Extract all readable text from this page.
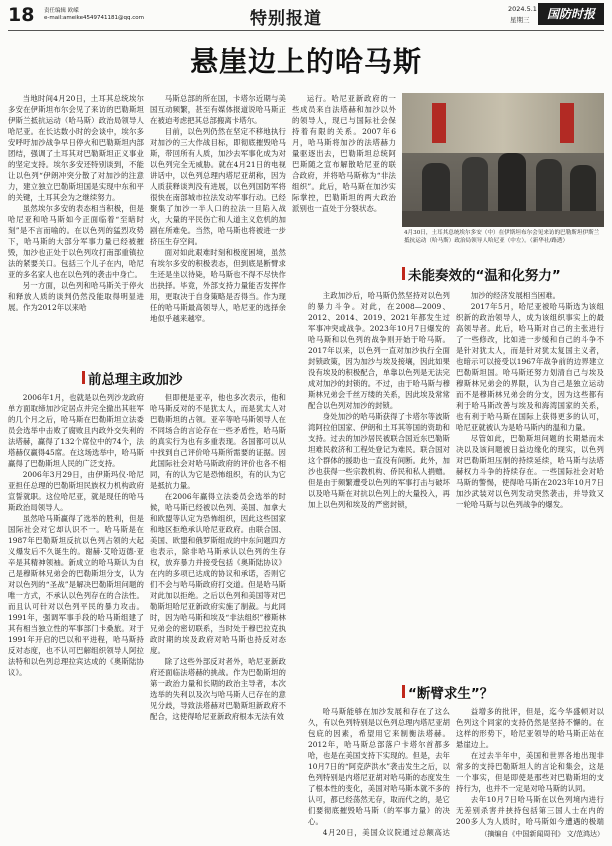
18 责任编辑 欧嵘
e-mail:ameike4549741181@qq.com	特别报道	2024.5.1
星期三	国防时报
悬崖边上的哈马斯

当地时间4月20日，土耳其总统埃尔多安在伊斯坦布尔会见了来访的巴勒斯坦伊斯兰抵抗运动（哈马斯）政治局领导人哈尼亚。在长达数小时的会谈中，埃尔多安呼吁加沙战争早日停火和巴勒斯坦内部团结，强调了土耳其对巴勒斯坦正义事业的坚定支持。埃尔多安还特别谈到，不能让以色列“伊朗冲突分散了对加沙的注意力，建立独立巴勒斯坦国是实现中东和平的关键，土耳其会为之继续努力。

虽然埃尔多安的表态相当积极，但是哈尼亚和哈马斯如今正面临着“至暗时刻”是不言而喻的。在以色列的猛烈攻势下，哈马斯的大部分军事力量已经被摧毁，加沙也正处于以色列攻打南部重镇拉法的紧要关口。包括三个儿子在内，哈尼亚的多名家人也在以色列的袭击中身亡。

另一方面，以色列和哈马斯关于停火和释放人质的谈判仍然没能取得明显进展。作为2012年以来哈

马斯总部的所在国，卡塔尔近期与美国互动频繁，甚至有媒体报道说哈马斯正在被迫考虑把其总部搬离卡塔尔。

目前，以色列仍然在坚定不移地执行对加沙的三大作战目标，即彻底摧毁哈马斯，带回所有人质，加沙去军事化成为对以色列完全无威胁。就在4月21日的电视讲话中，以色列总理内塔尼亚胡称，因为人质获释谈判没有进展，以色列国防军将很快在南部城市拉法发动军事行动。已经聚集了加沙一半人口的拉法一旦陷入战火，大量的平民伤亡和人道主义危机的加剧在所难免。当然，哈马斯也将被进一步挤压生存空间。

面对如此艰难时刻和极度困境，虽然有埃尔多安的积极表态，但到底是断臂求生还是坐以待毙，哈马斯也不得不尽快作出抉择。毕竟，外部支持力量能否发挥作用，更取决于自身策略是否得当。作为现任的哈马斯最高领导人，哈尼亚的选择余地似乎越来越窄。

运行。哈尼亚新政府的一些成员来自法塔赫和加沙以外的领导人，现已与国际社会保持着有限的关系。2007年6月，哈马斯将加沙的法塔赫力量驱逐出去，巴勒斯坦总统阿巴斯随之宣布解散哈尼亚的联合政府，并将哈马斯称为“非法组织”。此后，哈马斯在加沙实际掌控，巴勒斯坦的两大政治派别也一直处于分裂状态。

4月30日，土耳其总统埃尔多安（中）在伊斯坦布尔会见来访的巴勒斯坦伊斯兰抵抗运动（哈马斯）政治局领导人哈尼亚（中左）。（新华社/路透）
未能奏效的“温和化努力”
前总理主政加沙

2006年1月，也就是以色列沙龙政府单方面取缔加沙定居点并完全撤出其驻军的几个月之后，哈马斯在巴勒斯坦立法委员会选举中击败了腐败且内政外交失利的法塔赫，赢得了132个席位中的74个，法塔赫仅赢得45席。在这场选举中，哈马斯赢得了巴勒斯坦人民的广泛支持。

2006年3月29日，由伊斯玛仪·哈尼亚担任总理的巴勒斯坦民族权力机构政府宣誓就职。这位哈尼亚，就是现任的哈马斯政治局领导人。

虽然哈马斯赢得了选举的胜利，但是国际社会对它却认识不一。哈马斯是在1987年巴勒斯坦反抗以色列占领的大起义爆发后不久诞生的。谢赫·艾哈迈德·亚辛是其精神领袖。新成立的哈马斯认为自己是穆斯林兄弟会的巴勒斯坦分支，认为对以色列的“圣战”是解决巴勒斯坦问题的唯一方式，不承认以色列存在的合法性。而且认可针对以色列平民的暴力攻击。1991年，强调军事手段的哈马斯组建了其有相当独立性的军事部门卡桑旅。对于1991年开启的巴以和平进程，哈马斯持反对态度，也不认可巴解组织领导人阿拉法特和以色列总理拉宾达成的《奥斯陆协议》。

但即便是亚辛，他也多次表示，他和哈马斯反对的不是犹太人，而是犹太人对巴勒斯坦的占领。亚辛等哈马斯领导人在不同场合的言论存在一些矛盾性，哈马斯的真实行为也有多重表现。各国都可以从中找到自己评价哈马斯所需要的证据。因此国际社会对哈马斯政府的评价也各不相同，有的认为它是恐怖组织，有的认为它是抵抗力量。

在2006年赢得立法委员会选举的时候，哈马斯已经被以色列、美国、加拿大和欧盟等认定为恐怖组织，因此这些国家和地区拒绝承认哈尼亚政府。由联合国、美国、欧盟和俄罗斯组成的中东问题四方也表示，除非哈马斯承认以色列的生存权，放弃暴力并接受包括《奥斯陆协议》在内的多项已达成的协议和承诺，否则它们不会与哈马斯政府打交道。但是哈马斯对此加以拒绝。之后以色列和美国等对巴勒斯坦哈尼亚新政府实施了制裁。与此同时，因为哈马斯和埃及“非法组织”穆斯林兄弟会的密切联系，当时处于穆巴拉克执政时期的埃及政府对哈马斯也持反对态度。

除了这些外部反对者外，哈尼亚新政府还面临法塔赫的挑战。作为巴勒斯坦的第一政治力量和长期的政治主导者，本次选举的失利以及次与哈马斯人已存在的意见分歧，导致法塔赫对巴勒斯坦新政府不配合，这使得哈尼亚新政府根本无法有效

主政加沙后，哈马斯仍然坚持对以色列的暴力斗争。对此，在2008—2009、2012、2014、2019、2021年都发生过军事冲突或战争。2023年10月7日爆发的哈马斯和以色列的战争则开始于哈马斯。2017年以来，以色列一直对加沙执行全面封锁政策，因为加沙与埃及接壤，因此如果没有埃及的积极配合，单靠以色列是无法完成对加沙的封锁的。不过，由于哈马斯与穆斯林兄弟会千丝万缕的关系，因此埃及常常配合以色列对加沙的封锁。

身处加沙的哈马斯获得了卡塔尔等波斯湾阿拉伯国家、伊朗和土耳其等国的资助和支持。过去的加沙居民被联合国近东巴勒斯坦难民救济和工程处登记为难民。联合国对这个群体的援助也一直没有间断。此外，加沙也获得一些宗教机构、侨民和私人捐赠。但是由于频繁遭受以色列的军事打击与破坏以及哈马斯在对抗以色列上的大量投入，再加上以色列和埃及的严密封锁，

加沙的经济发展相当困难。

2017年5月，哈尼亚被哈马斯选为该组织新的政治领导人，成为该组织事实上的最高领导者。此后，哈马斯对自己的主张进行了一些修改，比如进一步缓和自己的斗争不是针对犹太人，而是针对犹太复国主义者，也暗示可以接受以1967年战争前的边界建立巴勒斯坦国。哈马斯还努力划清自己与埃及穆斯林兄弟会的界限，认为自己是独立运动而不是穆斯林兄弟会的分支，因为这些都有利于哈马斯改善与埃及和海湾国家的关系，也有利于哈马斯在国际上获得更多的认可，哈尼亚就被认为是哈马斯内的温和力量。

尽管如此，巴勒斯坦问题的长期悬而未决以及该问题被日益边缘化的现实，以色列对巴勒斯坦压制的持续延续，哈马斯与法塔赫权力斗争的持续存在。一些国际社会对哈马斯的警惕，使得哈马斯在2023年10月7日加沙武装对以色列发动突然袭击，并导致又一轮哈马斯与以色列战争的爆发。

“断臂求生”？

哈马斯能够在加沙发展和存在了这么久，有以色列特别是以色列总理内塔尼亚胡包庇的因素，希望用它来制衡法塔赫。2012年，哈马斯总部落户卡塔尔首都多哈，也是在美国支持下实现的。但是，去年10月7日的“阿克萨洪水”袭击发生之后，以色列特别是内塔尼亚胡对哈马斯的态度发生了根本性的变化，美国对哈马斯本就不多的认可，都已经荡然无存，取而代之的，是它们要彻底摧毁哈马斯（的军事力量）的决心。

4月20日，美国众议院通过总额高达

益增多的批评，但是，迄今华盛顿对以色列这个同家的支持仍然是坚持不懈的。在这样的形势下，哈尼亚领导的哈马斯正站在悬崖边上。

在过去半年中，美国和世界各地出现非常多的支持巴勒斯坦人的言论和集会，这是一个事实，但是即使是那些对巴勒斯坦的支持行为，也并不一定是对哈马斯的认同。

去年10月7日哈马斯在以色列境内进行无差别杀害并挟持包括第三国人士在内的200多人为人质时，哈马斯如今遭遇的极端

（摘编自《中国新闻周刊》 文/范鸿达）
